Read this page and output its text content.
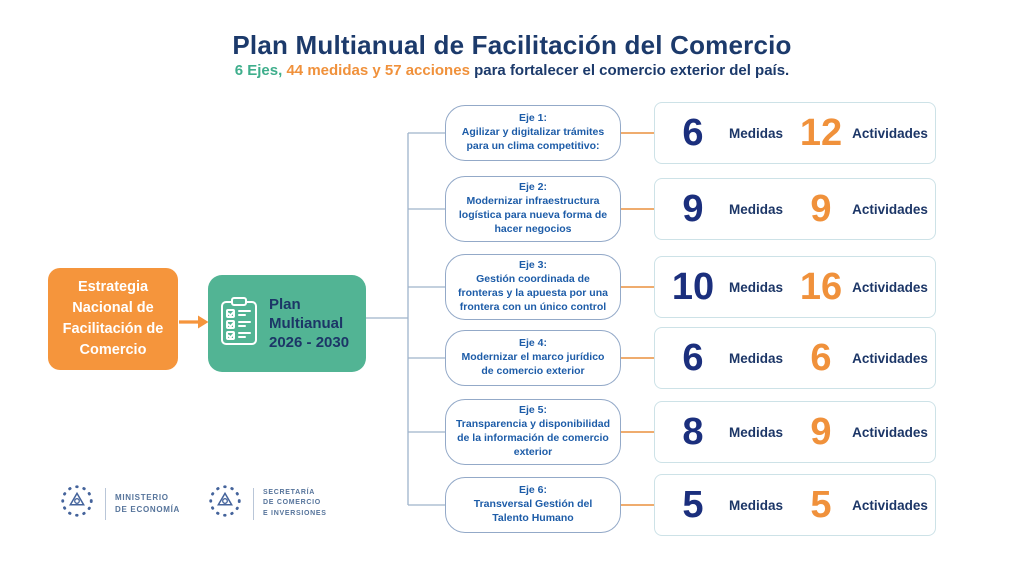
Plan Multianual de Facilitación del Comercio
6 Ejes, 44 medidas y 57 acciones para fortalecer el comercio exterior del país.
Estrategia Nacional de Facilitación de Comercio
Plan
Multianual
2026 - 2030
Eje 1:
Agilizar y digitalizar trámites para un clima competitivo:
Eje 2:
Modernizar infraestructura logística para nueva forma de hacer negocios
Eje 3:
Gestión coordinada de fronteras y la apuesta por una frontera con un único control
Eje 4:
Modernizar el marco jurídico de comercio exterior
Eje 5:
Transparencia y disponibilidad de la información de comercio exterior
Eje 6:
Transversal Gestión del Talento Humano
6	Medidas 12 Actividades
9	Medidas 9	Actividades
10	Medidas 16 Actividades
6	Medidas 6	Actividades
8	Medidas 9	Actividades
5	Medidas 5	Actividades
MINISTERIO
DE ECONOMÍA
SECRETARÍA
DE COMERCIO
E INVERSIONES
